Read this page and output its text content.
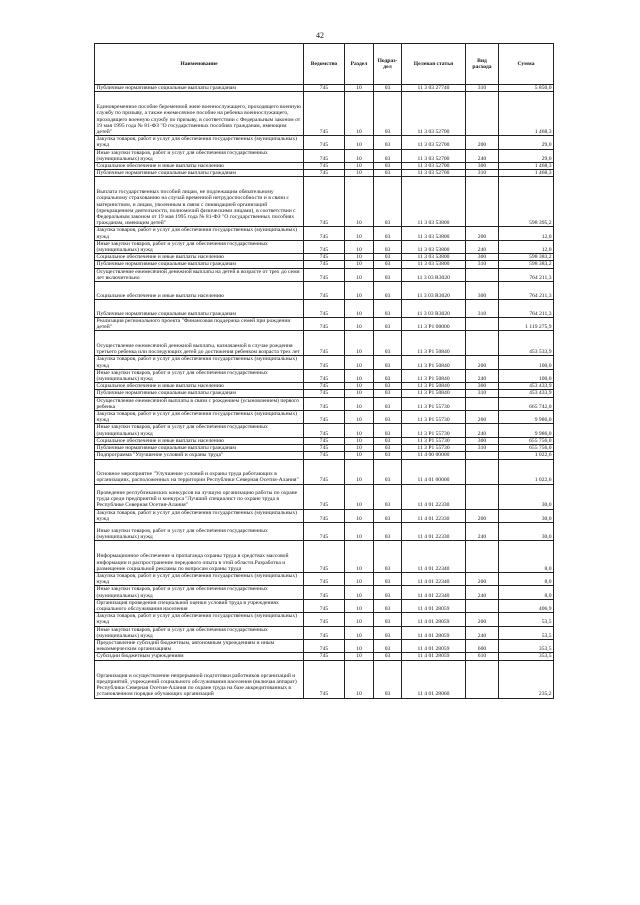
42
Наименование	Ведомство	Раздел	Подраз-дел	Целевая статья	Вид расхода	Сумма
Публичные нормативные социальные выплаты гражданам	745	10	03	11 3 03 27740	310	5 850,0
Единовременное пособие беременной жене военнослужащего, проходящего военную службу по призыву, а также ежемесячное пособие на ребенка военнослужащего, проходящего военную службу по призыву, в соответствии с Федеральным законом от 19 мая 1995 года № 81-ФЗ "О государственных пособиях гражданам, имеющим детей"	745	10	03	11 3 03 52700		1 468,3
Закупка товаров, работ и услуг для обеспечения государственных (муниципальных) нужд	745	10	03	11 3 03 52700	200	29,0
Иные закупки товаров, работ и услуг для обеспечения государственных (муниципальных) нужд	745	10	03	11 3 03 52700	240	29,0
Социальное обеспечение и иные выплаты населению	745	10	03	11 3 03 52700	300	1 468,3
Публичные нормативные социальные выплаты гражданам	745	10	03	11 3 03 52700	310	1 468,3
Выплата государственных пособий лицам, не подлежащим обязательному социальному страхованию на случай временной нетрудоспособности и в связи с материнством, и лицам, уволенным в связи с ликвидацией организаций (прекращением деятельности, полномочий физическими лицами), в соответствии с Федеральным законом от 19 мая 1995 года № 81-ФЗ "О государственных пособиях гражданам, имеющим детей"	745	10	03	11 3 03 53800		598 395,2
Закупка товаров, работ и услуг для обеспечения государственных (муниципальных) нужд	745	10	03	11 3 03 53800	200	12,0
Иные закупки товаров, работ и услуг для обеспечения государственных (муниципальных) нужд	745	10	03	11 3 03 53800	240	12,0
Социальное обеспечение и иные выплаты населению	745	10	03	11 3 03 53800	300	598 383,2
Публичные нормативные социальные выплаты гражданам	745	10	03	11 3 03 53800	310	598 383,2
Осуществление ежемесячной денежной выплаты на детей в возрасте от трех до семи лет включительно	745	10	03	11 3 03 R3020		764 211,3
Социальное обеспечение и иные выплаты населению	745	10	03	11 3 03 R3020	300	764 211,3
Публичные нормативные социальные выплаты гражданам	745	10	03	11 3 03 R3020	310	764 211,3
Реализация регионального проекта "Финансовая поддержка семей при рождении детей"	745	10	03	11 3 P1 00000		1 119 275,9
Осуществление ежемесячной денежной выплаты, назначаемой в случае рождения третьего ребенка или последующих детей до достижения ребенком возраста трех лет	745	10	03	11 3 P1 50840		453 533,9
Закупка товаров, работ и услуг для обеспечения государственных (муниципальных) нужд	745	10	03	11 3 P1 50840	200	100,0
Иные закупки товаров, работ и услуг для обеспечения государственных (муниципальных) нужд	745	10	03	11 3 P1 50840	240	100,0
Социальное обеспечение и иные выплаты населению	745	10	03	11 3 P1 50840	300	453 433,9
Публичные нормативные социальные выплаты гражданам	745	10	03	11 3 P1 50840	310	453 433,9
Осуществление ежемесячной выплаты в связи с рождением (усыновлением) первого ребенка	745	10	03	11 3 P1 55730		665 742,0
Закупка товаров, работ и услуг для обеспечения государственных (муниципальных) нужд	745	10	03	11 3 P1 55730	200	9 986,0
Иные закупки товаров, работ и услуг для обеспечения государственных (муниципальных) нужд	745	10	03	11 3 P1 55730	240	9 986,0
Социальное обеспечение и иные выплаты населению	745	10	03	11 3 P1 55730	300	655 756,0
Публичные нормативные социальные выплаты гражданам	745	10	03	11 3 P1 55730	310	655 756,0
Подпрограмма "Улучшение условий и охраны труда"	745	10	03	11 4 00 00000		1 022,6
Основное мероприятие "Улучшение условий и охраны труда работающих в организациях, расположенных на территории Республики Северная Осетия-Алания"	745	10	03	11 4 01 00000		1 022,6
Проведение республиканских конкурсов на лучшую организацию работы по охране труда среди предприятий и конкурса "Лучший специалист по охране труда в Республике Северная Осетия-Алания"	745	10	03	11 4 01 22330		30,0
Закупка товаров, работ и услуг для обеспечения государственных (муниципальных) нужд	745	10	03	11 4 01 22330	200	30,0
Иные закупки товаров, работ и услуг для обеспечения государственных (муниципальных) нужд	745	10	03	11 4 01 22330	240	30,0
Информационное обеспечение и пропаганда охраны труда в средствах массовой информации и распространение передового опыта в этой области.Разработка и размещение социальной рекламы по вопросам охраны труда	745	10	03	11 4 01 22340		8,0
Закупка товаров, работ и услуг для обеспечения государственных (муниципальных) нужд	745	10	03	11 4 01 22340	200	8,0
Иные закупки товаров, работ и услуг для обеспечения государственных (муниципальных) нужд	745	10	03	11 4 01 22340	240	8,0
Организация проведения специальной оценки условий труда в учреждениях социального обслуживания населения	745	10	03	11 4 01 28059		406,9
Закупка товаров, работ и услуг для обеспечения государственных (муниципальных) нужд	745	10	03	11 4 01 28059	200	53,5
Иные закупки товаров, работ и услуг для обеспечения государственных (муниципальных) нужд	745	10	03	11 4 01 28059	240	53,5
Предоставление субсидий бюджетным, автономным учреждениям и иным некоммерческим организациям	745	10	03	11 4 01 28059	600	353,5
Субсидии бюджетным учреждениям	745	10	03	11 4 01 28059	610	353,5
Организация и осуществление непрерывной подготовки работников организаций и предприятий, учреждений социального обслуживания населения (включая аппарат) Республики Северная Осетия-Алания по охране труда на базе аккредитованных в установленном порядке обучающих организаций	745	10	03	11 4 01 28060		235,2
